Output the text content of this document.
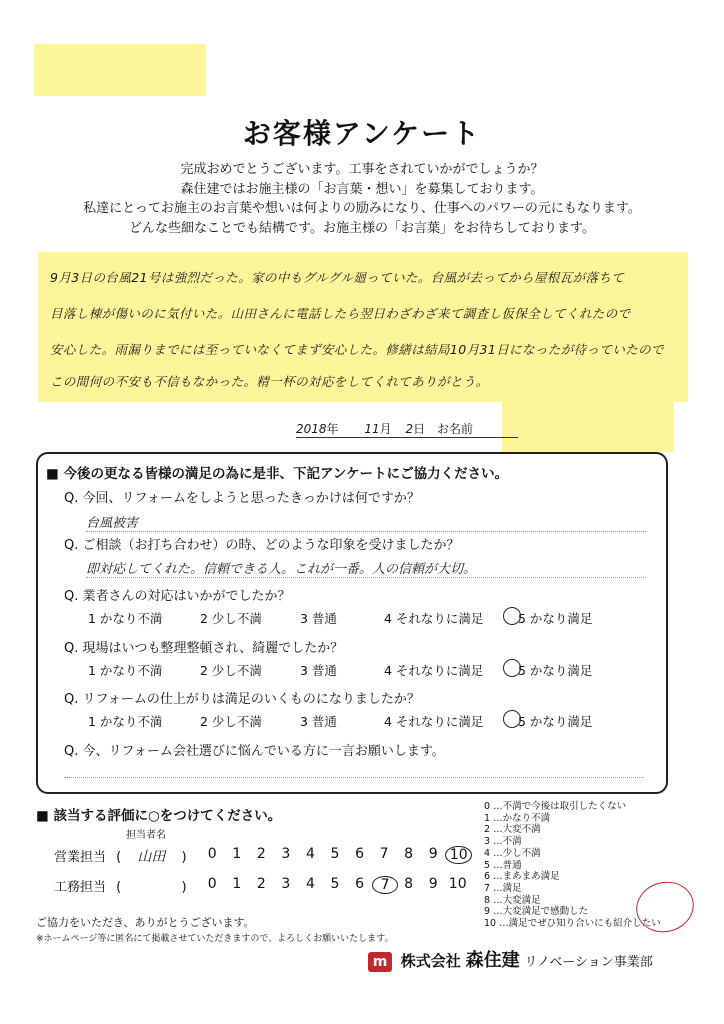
お客様アンケート
完成おめでとうございます。工事をされていかがでしょうか？
森住建ではお施主様の「お言葉・想い」を募集しております。
私達にとってお施主のお言葉や想いは何よりの励みになり、仕事へのパワーの元にもなります。
どんな些細なことでも結構です。お施主様の「お言葉」をお待ちしております。
9月3日の台風21号は強烈だった。家の中もグルグル廻っていた。台風が去ってから屋根瓦が落ちて
目落し棟が傷いのに気付いた。山田さんに電話したら翌日わざわざ来て調査し仮保全してくれたので
安心した。雨漏りまでには至っていなくてまず安心した。修繕は結局10月31日になったが待っていたので
この間何の不安も不信もなかった。精一杯の対応をしてくれてありがとう。
2018年 11月 2日 お名前
■ 今後の更なる皆様の満足の為に是非、下記アンケートにご協力ください。
Q. 今回、リフォームをしようと思ったきっかけは何ですか？
台風被害
Q. ご相談（お打ち合わせ）の時、どのような印象を受けましたか？
即対応してくれた。信頼できる人。これが一番。人の信頼が大切。
Q. 業者さんの対応はいかがでしたか？
1 かなり不満	2 少し不満	3 普通	4 それなりに満足	5 かなり満足
Q. 現場はいつも整理整頓され、綺麗でしたか？
1 かなり不満	2 少し不満	3 普通	4 それなりに満足	5 かなり満足
Q. リフォームの仕上がりは満足のいくものになりましたか？
1 かなり不満	2 少し不満	3 普通	4 それなりに満足	5 かなり満足
Q. 今、リフォーム会社選びに悩んでいる方に一言お願いします。
■ 該当する評価に○をつけてください。
担当者名
営業担当 ( 山田 )
工務担当 (	)
0	1	2	3	4	5	6	7	8	9 10
0	1	2	3	4	5	6	7	8	9 10
0 …不満で今後は取引したくない
1 …かなり不満
2 …大変不満
3 …不満
4 …少し不満
5 …普通
6 …まあまあ満足
7 …満足
8 …大変満足
9 …大変満足で感動した
10 …満足でぜひ知り合いにも紹介したい
ご協力をいただき、ありがとうございます。
※ホームページ等に匿名にて掲載させていただきますので、よろしくお願いいたします。
m 株式会社 森住建 リノベーション事業部
